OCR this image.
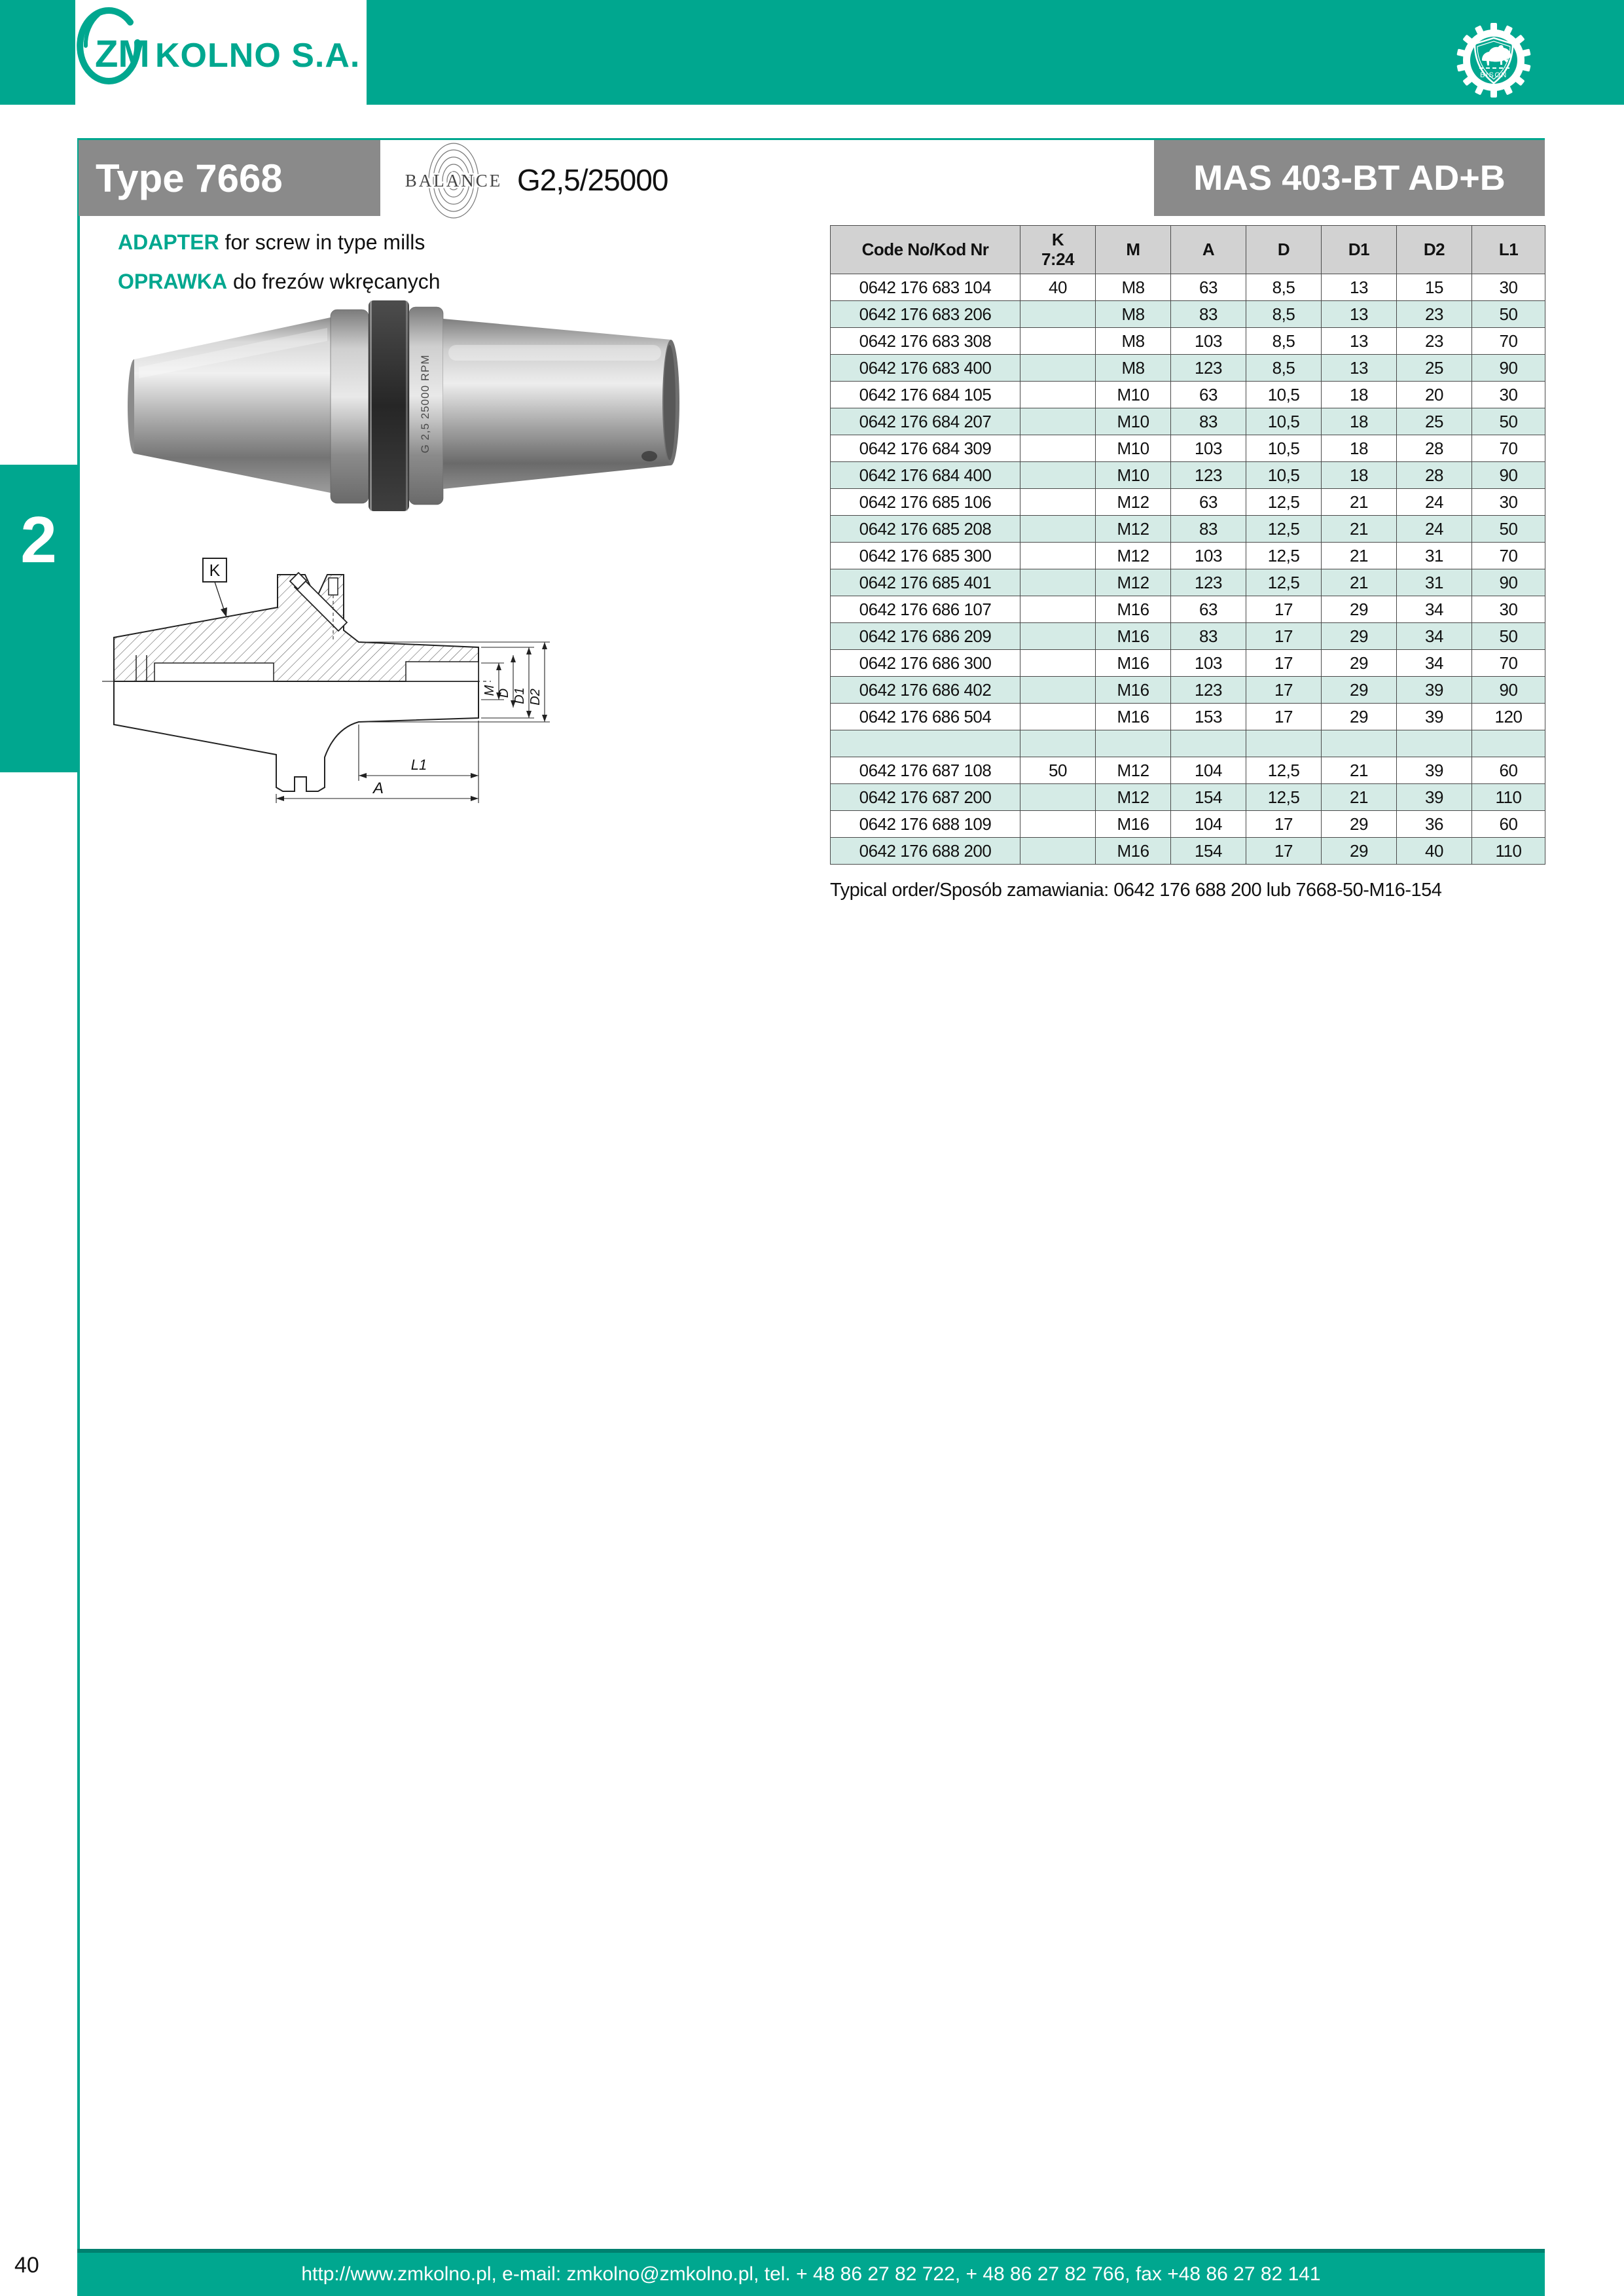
ZM KOLNO S.A.
BISON
Type 7668	BALANCE G2,5/25000	MAS 403-BT AD+B
ADAPTER for screw in type mills
OPRAWKA do frezów wkręcanych
2
G 2,5 25000 RPM
K
M D D1 D2
L1
A
Code No/Kod Nr	K
7:24	M	A	D	D1	D2	L1
0642 176 683 104	40	M8	63	8,5	13	15	30
0642 176 683 206		M8	83	8,5	13	23	50
0642 176 683 308		M8	103	8,5	13	23	70
0642 176 683 400		M8	123	8,5	13	25	90
0642 176 684 105		M10	63	10,5	18	20	30
0642 176 684 207		M10	83	10,5	18	25	50
0642 176 684 309		M10	103	10,5	18	28	70
0642 176 684 400		M10	123	10,5	18	28	90
0642 176 685 106		M12	63	12,5	21	24	30
0642 176 685 208		M12	83	12,5	21	24	50
0642 176 685 300		M12	103	12,5	21	31	70
0642 176 685 401		M12	123	12,5	21	31	90
0642 176 686 107		M16	63	17	29	34	30
0642 176 686 209		M16	83	17	29	34	50
0642 176 686 300		M16	103	17	29	34	70
0642 176 686 402		M16	123	17	29	39	90
0642 176 686 504		M16	153	17	29	39	120

0642 176 687 108	50	M12	104	12,5	21	39	60
0642 176 687 200		M12	154	12,5	21	39	110
0642 176 688 109		M16	104	17	29	36	60
0642 176 688 200		M16	154	17	29	40	110
Typical order/Sposób zamawiania: 0642 176 688 200 lub 7668-50-M16-154
40	http://www.zmkolno.pl, e-mail: zmkolno@zmkolno.pl, tel. + 48 86 27 82 722, + 48 86 27 82 766, fax +48 86 27 82 141
